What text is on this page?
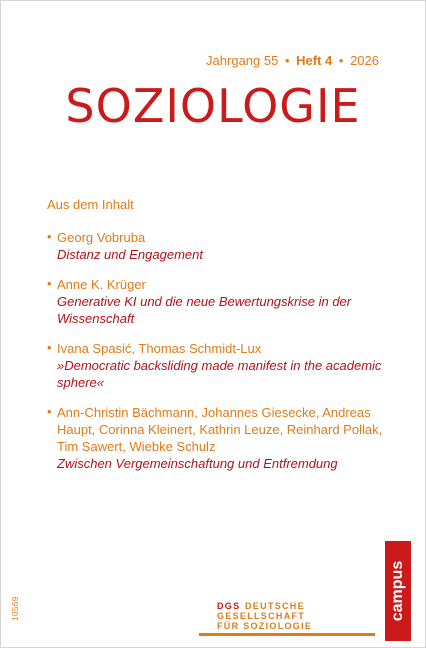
Jahrgang 55 • Heft 4 • 2026
SOZIOLOGIE
Aus dem Inhalt
• Georg Vobruba
Distanz und Engagement
• Anne K. Krüger
Generative KI und die neue Bewertungskrise in der Wissenschaft
• Ivana Spasić, Thomas Schmidt-Lux
»Democratic backsliding made manifest in the academic sphere«
• Ann-Christin Bächmann, Johannes Giesecke, Andreas Haupt, Corinna Kleinert, Kathrin Leuze, Reinhard Pollak, Tim Sawert, Wiebke Schulz
Zwischen Vergemeinschaftung und Entfremdung
campus
10569	DGS DEUTSCHE
GESELLSCHAFT
FÜR SOZIOLOGIE
